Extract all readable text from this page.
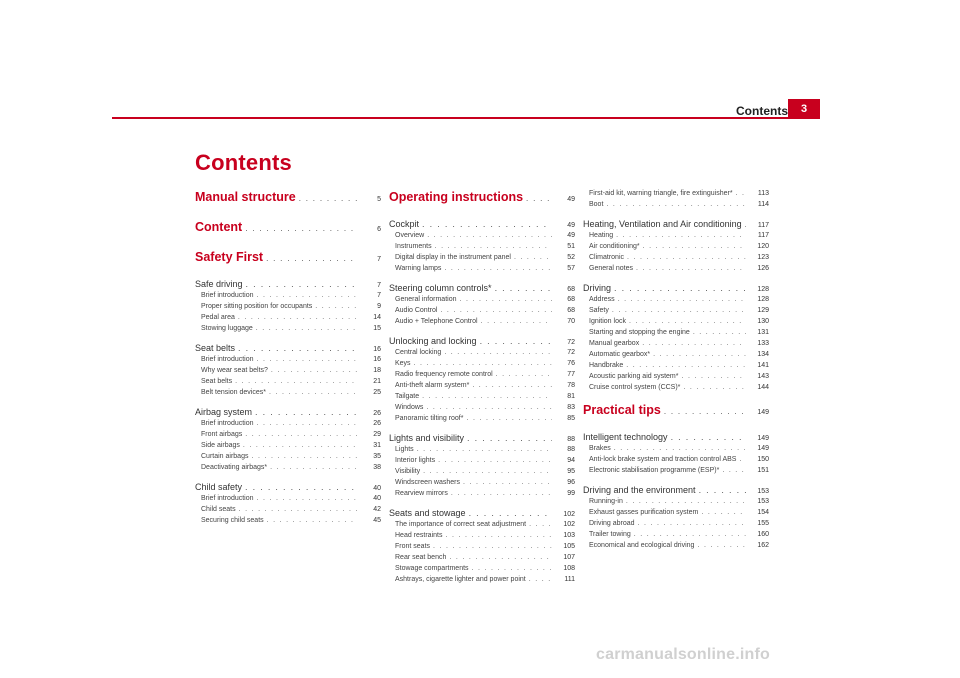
Contents	3
Contents
Manual structure . . .	5
Content . . .	6
Safety First . . .	7
Safe driving . . .	7
Brief introduction . . .	7
Proper sitting position for occupants . . .	9
Pedal area . . .	14
Stowing luggage . . .	15
Seat belts . . .	16
Brief introduction . . .	16
Why wear seat belts? . . .	18
Seat belts . . .	21
Belt tension devices* . . .	25
Airbag system . . .	26
Brief introduction . . .	26
Front airbags . . .	29
Side airbags . . .	31
Curtain airbags . . .	35
Deactivating airbags* . . .	38
Child safety . . .	40
Brief introduction . . .	40
Child seats . . .	42
Securing child seats . . .	45
Operating instructions . . .	49
Cockpit . . .	49
Overview . . .	49
Instruments . . .	51
Digital display in the instrument panel . . .	52
Warning lamps . . .	57
Steering column controls* . . .	68
General information . . .	68
Audio Control . . .	68
Audio + Telephone Control . . .	70
Unlocking and locking . . .	72
Central locking . . .	72
Keys . . .	76
Radio frequency remote control . . .	77
Anti-theft alarm system* . . .	78
Tailgate . . .	81
Windows . . .	83
Panoramic tilting roof* . . .	85
Lights and visibility . . .	88
Lights . . .	88
Interior lights . . .	94
Visibility . . .	95
Windscreen washers . . .	96
Rearview mirrors . . .	99
Seats and stowage . . .	102
The importance of correct seat adjustment . . .	102
Head restraints . . .	103
Front seats . . .	105
Rear seat bench . . .	107
Stowage compartments . . .	108
Ashtrays, cigarette lighter and power point . . .	111
First-aid kit, warning triangle, fire extinguisher* . . .	113
Boot . . .	114
Heating, Ventilation and Air conditioning . . .	117
Heating . . .	117
Air conditioning* . . .	120
Climatronic . . .	123
General notes . . .	126
Driving . . .	128
Address . . .	128
Safety . . .	129
Ignition lock . . .	130
Starting and stopping the engine . . .	131
Manual gearbox . . .	133
Automatic gearbox* . . .	134
Handbrake . . .	141
Acoustic parking aid system* . . .	143
Cruise control system (CCS)* . . .	144
Practical tips . . .	149
Intelligent technology . . .	149
Brakes . . .	149
Anti-lock brake system and traction control ABS . . .	150
Electronic stabilisation programme (ESP)* . . .	151
Driving and the environment . . .	153
Running-in . . .	153
Exhaust gasses purification system . . .	154
Driving abroad . . .	155
Trailer towing . . .	160
Economical and ecological driving . . .	162
carmanualsonline.info
